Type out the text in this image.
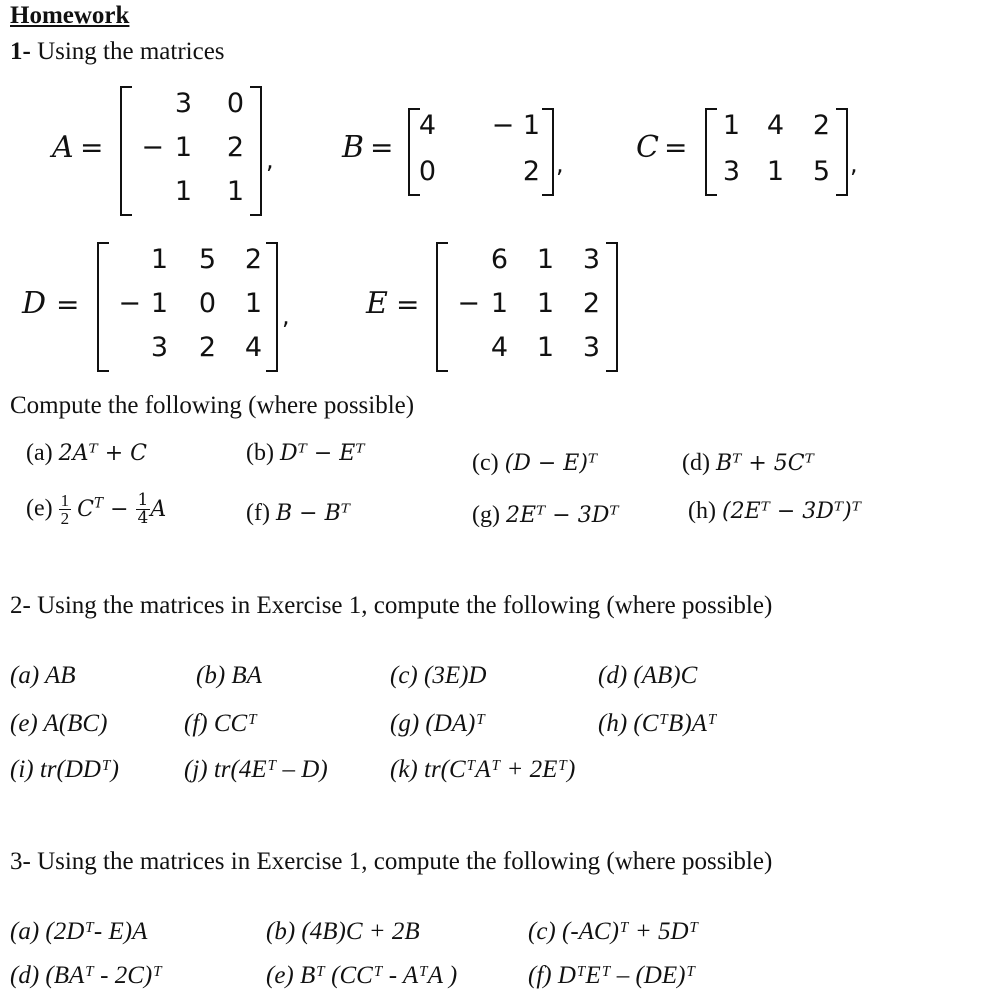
Homework
1- Using the matrices
A =
3	0
− 1	2
1	1
, B =
4	− 1
0	2 , C =
1 4	2
3 1	5 ,
D =
1	5	2
− 1	0	1
3	2	4
,	E =
6	1	3
− 1	1	2
4	1	3
Compute the following (where possible)
(a) 2Aᵀ + C	(b) Dᵀ − Eᵀ	(c) (D − E)ᵀ	(d) Bᵀ + 5Cᵀ
$(e) \frac{1}{2} C^T - \frac{1}{4}$ A	(f) B − Bᵀ	(g) 2Eᵀ − 3Dᵀ	(h) (2Eᵀ − 3Dᵀ)ᵀ
2- Using the matrices in Exercise 1, compute the following (where possible)
(a) AB	(b) BA	(c) (3E)D	(d) (AB)C
(e) A(BC)	(f) CCᵀ	(g) (DA)ᵀ	(h) (CᵀB)Aᵀ
(i) tr(DDᵀ)	(j) tr(4Eᵀ – D) (k) tr(CᵀAᵀ + 2Eᵀ)
3- Using the matrices in Exercise 1, compute the following (where possible)
(a) (2Dᵀ- E)A	(b) (4B)C + 2B	(c) (-AC)ᵀ + 5Dᵀ
(d) (BAᵀ - 2C)ᵀ	(e) Bᵀ (CCᵀ - AᵀA )	(f) DᵀEᵀ – (DE)ᵀ
